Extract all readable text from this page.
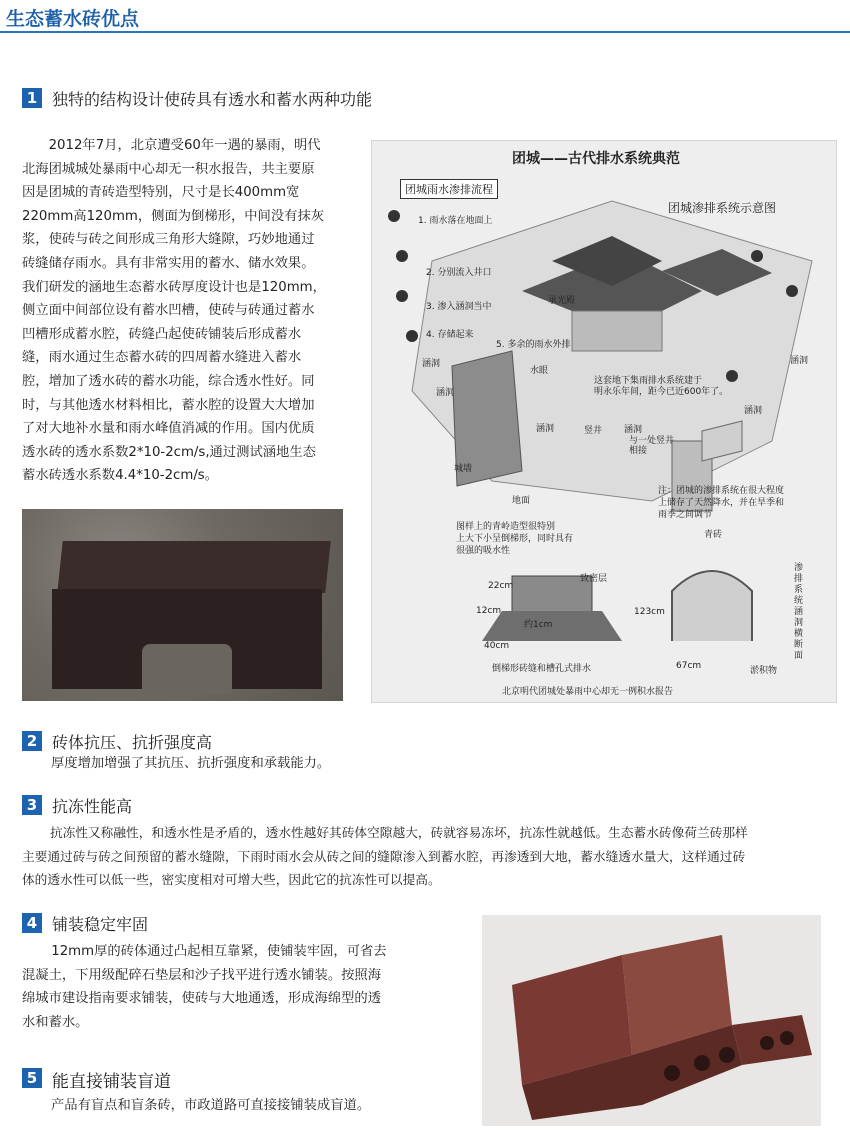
生态蓄水砖优点
1 独特的结构设计使砖具有透水和蓄水两种功能
2012年7月，北京遭受60年一遇的暴雨，明代
北海团城城处暴雨中心却无一积水报告，共主要原
因是团城的青砖造型特别，尺寸是长400mm宽
220mm高120mm，侧面为倒梯形，中间没有抹灰
浆，使砖与砖之间形成三角形大缝隙，巧妙地通过
砖缝储存雨水。具有非常实用的蓄水、储水效果。
我们研发的涵地生态蓄水砖厚度设计也是120mm，
侧立面中间部位设有蓄水凹槽，使砖与砖通过蓄水
凹槽形成蓄水腔，砖缝凸起使砖铺装后形成蓄水
缝，雨水通过生态蓄水砖的四周蓄水缝进入蓄水
腔，增加了透水砖的蓄水功能，综合透水性好。同
时，与其他透水材料相比，蓄水腔的设置大大增加
了对大地补水量和雨水峰值消减的作用。国内优质
透水砖的透水系数2*10-2cm/s,通过测试涵地生态
蓄水砖透水系数4.4*10-2cm/s。
团城——古代排水系统典范
团城雨水渗排流程
团城渗排系统示意图
1. 雨水落在地面上
2. 分别流入井口
3. 渗入涵洞当中
4. 存储起来
5. 多余的雨水外排
承光殿
涵洞	涵洞
涵洞
涵洞	涵洞
涵洞
城墙
水眼
地面
竖井
与一处竖井
相接
这套地下集雨排水系统建于
明永乐年间，距今已近600年了。
注：团城的渗排系统在很大程度
上储存了天然降水，并在旱季和
雨季之间调节
图样上的青岭造型很特别
上大下小呈倒梯形，同时具有
很强的吸水性
致密层
青砖
22cm
12cm
40cm
约1cm
123cm
67cm	淤积物
渗排系统涵洞横断面
倒梯形砖缝和槽孔式排水
北京明代团城处暴雨中心却无一例积水报告
2 砖体抗压、抗折强度高
厚度增加增强了其抗压、抗折强度和承载能力。
3 抗冻性能高
抗冻性又称融性，和透水性是矛盾的，透水性越好其砖体空隙越大，砖就容易冻坏，抗冻性就越低。生态蓄水砖像荷兰砖那样
主要通过砖与砖之间预留的蓄水缝隙，下雨时雨水会从砖之间的缝隙渗入到蓄水腔，再渗透到大地，蓄水缝透水量大，这样通过砖
体的透水性可以低一些，密实度相对可增大些，因此它的抗冻性可以提高。
4 铺装稳定牢固
12mm厚的砖体通过凸起相互靠紧，使铺装牢固，可省去
混凝土，下用级配碎石垫层和沙子找平进行透水铺装。按照海
绵城市建设指南要求铺装，使砖与大地通透，形成海绵型的透
水和蓄水。
5 能直接铺装盲道
产品有盲点和盲条砖，市政道路可直接接铺装成盲道。
